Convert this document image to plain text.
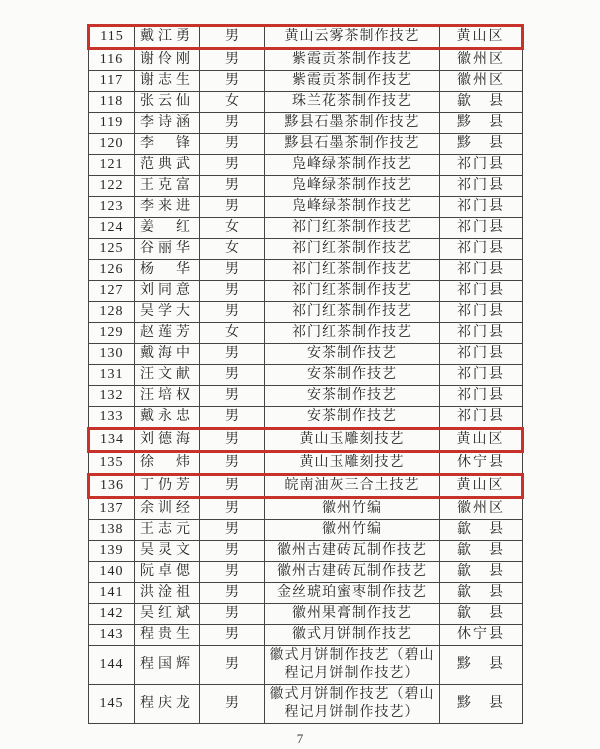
115	戴江勇	男	黄山云雾茶制作技艺	黄山区
116	谢伶刚	男	紫霞贡茶制作技艺	徽州区
117	谢志生	男	紫霞贡茶制作技艺	徽州区
118	张云仙	女	珠兰花茶制作技艺	歙　县
119	李诗涵	男	黟县石墨茶制作技艺	黟　县
120	李　锋	男	黟县石墨茶制作技艺	黟　县
121	范典武	男	凫峰绿茶制作技艺	祁门县
122	王克富	男	凫峰绿茶制作技艺	祁门县
123	李来进	男	凫峰绿茶制作技艺	祁门县
124	姜　红	女	祁门红茶制作技艺	祁门县
125	谷丽华	女	祁门红茶制作技艺	祁门县
126	杨　华	男	祁门红茶制作技艺	祁门县
127	刘同意	男	祁门红茶制作技艺	祁门县
128	吴学大	男	祁门红茶制作技艺	祁门县
129	赵莲芳	女	祁门红茶制作技艺	祁门县
130	戴海中	男	安茶制作技艺	祁门县
131	汪文献	男	安茶制作技艺	祁门县
132	汪培权	男	安茶制作技艺	祁门县
133	戴永忠	男	安茶制作技艺	祁门县
134	刘德海	男	黄山玉雕刻技艺	黄山区
135	徐　炜	男	黄山玉雕刻技艺	休宁县
136	丁仍芳	男	皖南油灰三合土技艺	黄山区
137	余训经	男	徽州竹编	徽州区
138	王志元	男	徽州竹编	歙　县
139	吴灵文	男	徽州古建砖瓦制作技艺	歙　县
140	阮卓偲	男	徽州古建砖瓦制作技艺	歙　县
141	洪淦祖	男	金丝琥珀蜜枣制作技艺	歙　县
142	吴红斌	男	徽州果膏制作技艺	歙　县
143	程贵生	男	徽式月饼制作技艺	休宁县
144	程国辉	男	徽式月饼制作技艺（碧山程记月饼制作技艺）	黟　县
145	程庆龙	男	徽式月饼制作技艺（碧山程记月饼制作技艺）	黟　县
7
